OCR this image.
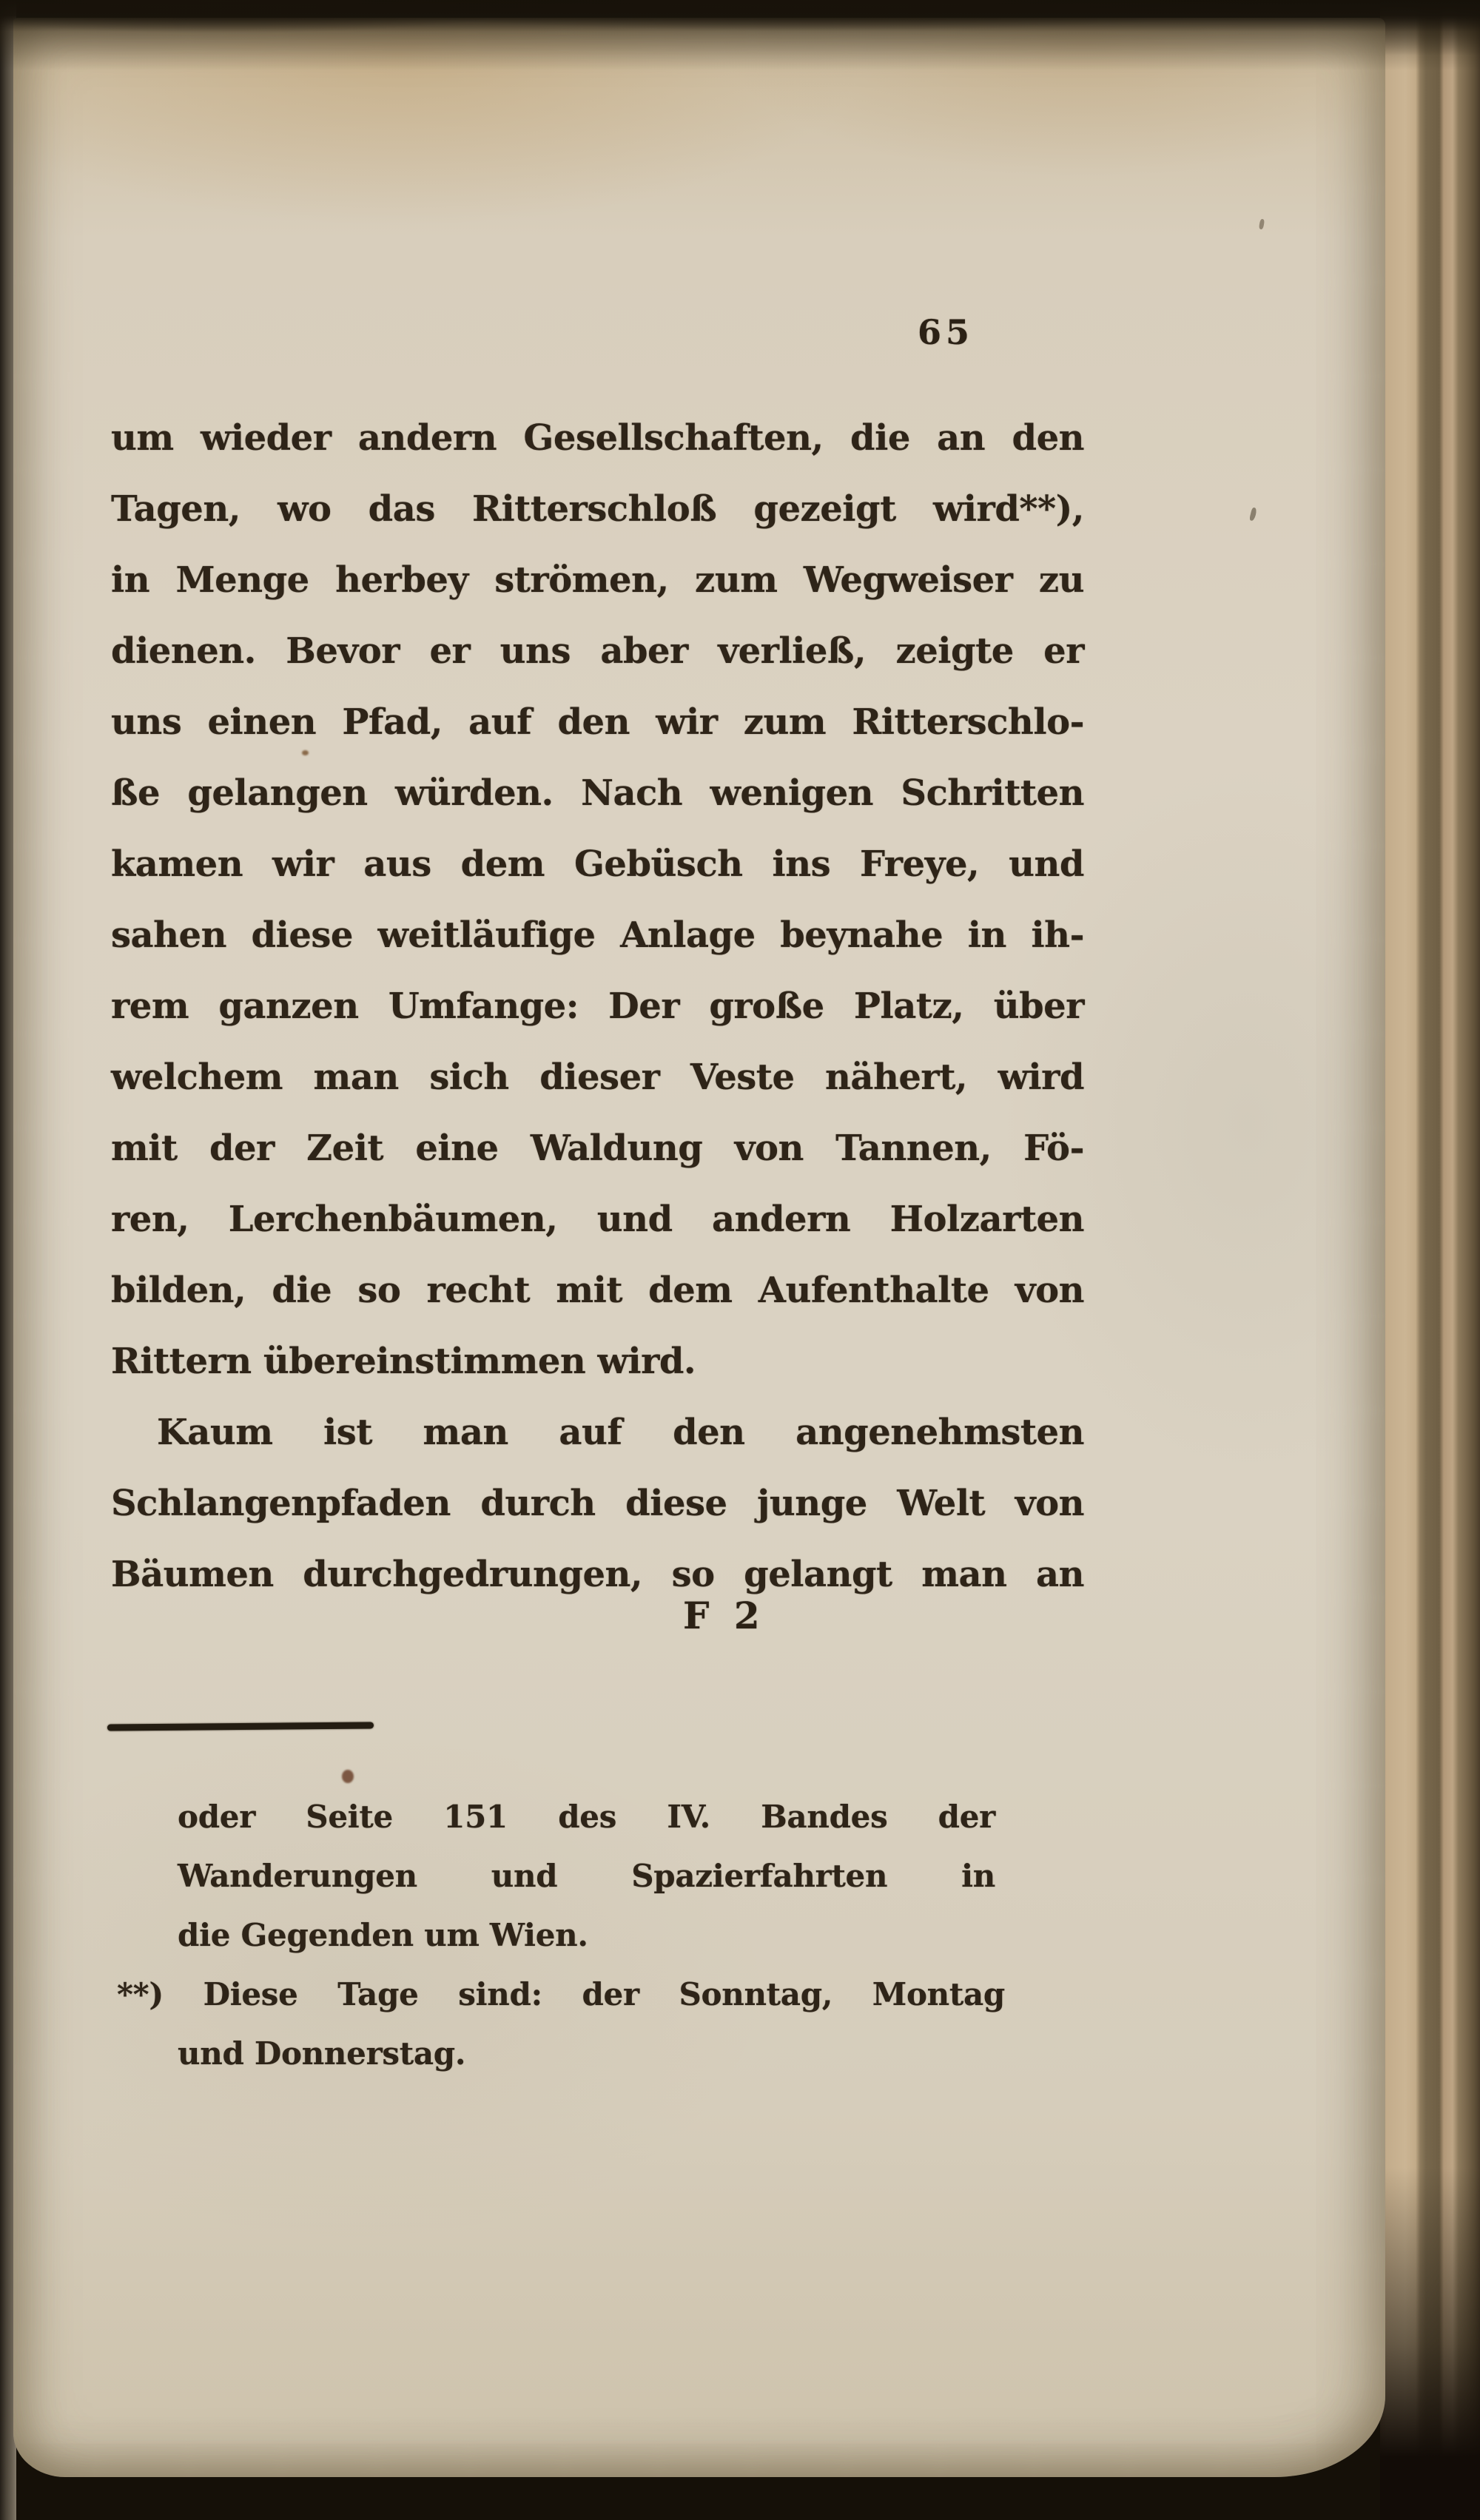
65
um wieder andern Gesellschaften, die an den
Tagen, wo das Ritterschloß gezeigt wird**),
in Menge herbey strömen, zum Wegweiser zu
dienen. Bevor er uns aber verließ, zeigte er
uns einen Pfad, auf den wir zum Ritterschlo-
ße gelangen würden. Nach wenigen Schritten
kamen wir aus dem Gebüsch ins Freye, und
sahen diese weitläufige Anlage beynahe in ih-
rem ganzen Umfange: Der große Platz, über
welchem man sich dieser Veste nähert, wird
mit der Zeit eine Waldung von Tannen, Fö-
ren, Lerchenbäumen, und andern Holzarten
bilden, die so recht mit dem Aufenthalte von
Rittern übereinstimmen wird.
Kaum ist man auf den angenehmsten
Schlangenpfaden durch diese junge Welt von
Bäumen durchgedrungen, so gelangt man an
F 2
oder Seite 151 des IV. Bandes der
Wanderungen und Spazierfahrten in
die Gegenden um Wien.
**) Diese Tage sind: der Sonntag, Montag
und Donnerstag.
